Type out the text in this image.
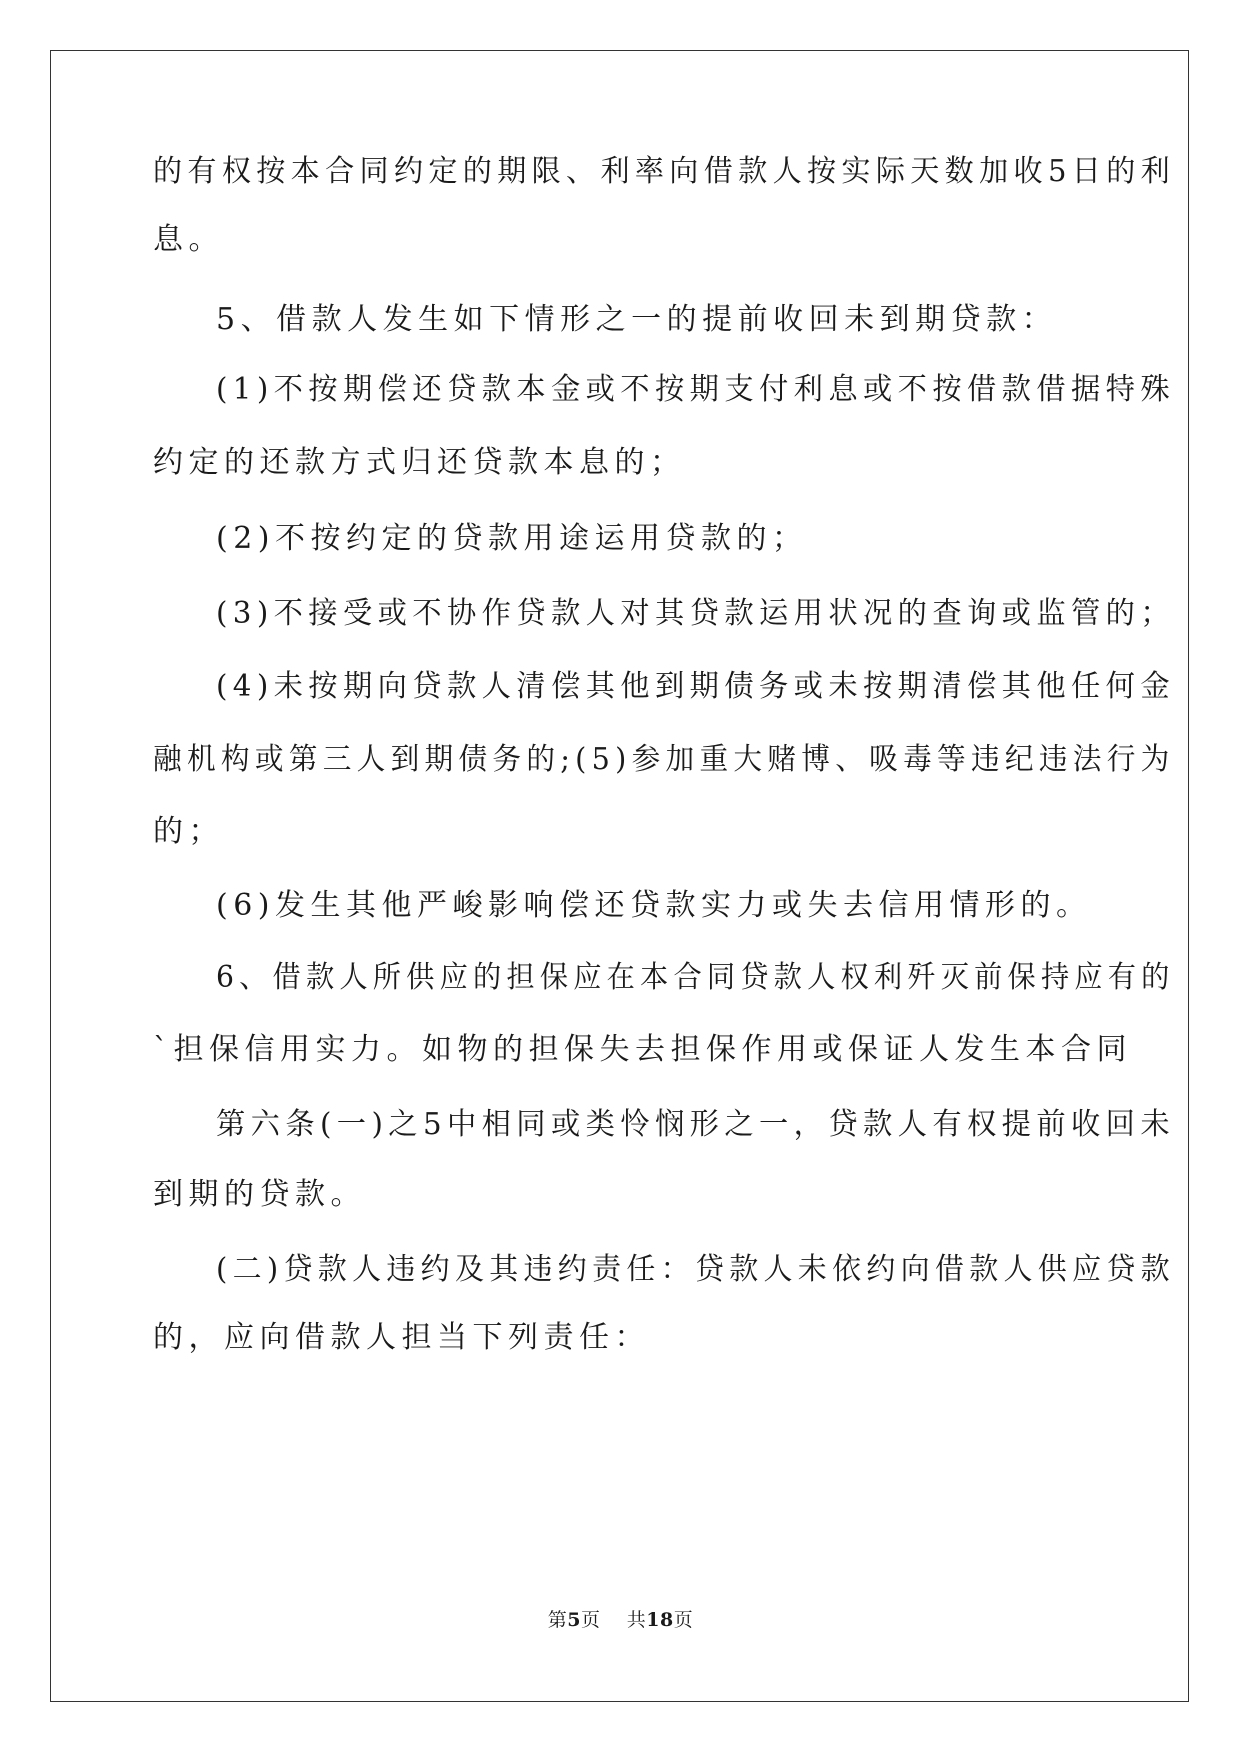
的有权按本合同约定的期限、利率向借款人按实际天数加收5日的利
息。
5、借款人发生如下情形之一的提前收回未到期贷款：
(1)不按期偿还贷款本金或不按期支付利息或不按借款借据特殊
约定的还款方式归还贷款本息的；
(2)不按约定的贷款用途运用贷款的；
(3)不接受或不协作贷款人对其贷款运用状况的查询或监管的；
(4)未按期向贷款人清偿其他到期债务或未按期清偿其他任何金
融机构或第三人到期债务的;(5)参加重大赌博、吸毒等违纪违法行为
的；
(6)发生其他严峻影响偿还贷款实力或失去信用情形的。
6、借款人所供应的担保应在本合同贷款人权利歼灭前保持应有的
`担保信用实力。如物的担保失去担保作用或保证人发生本合同
第六条(一)之5中相同或类怜悯形之一，贷款人有权提前收回未
到期的贷款。
(二)贷款人违约及其违约责任：贷款人未依约向借款人供应贷款
的，应向借款人担当下列责任：
第5页 共18页
